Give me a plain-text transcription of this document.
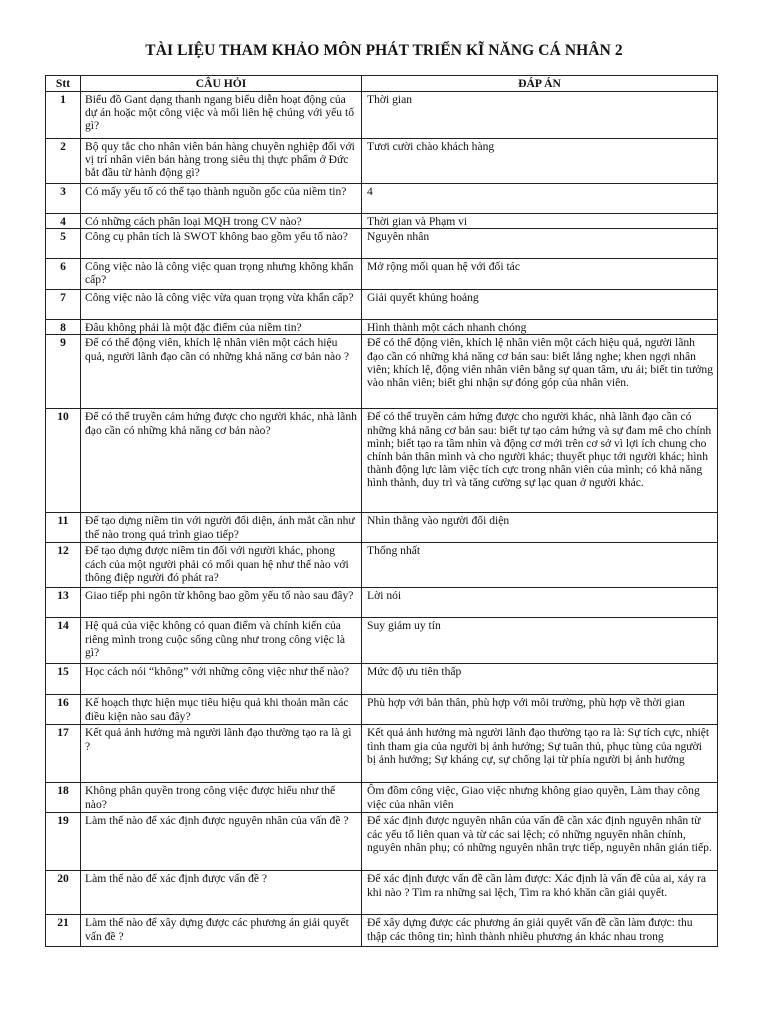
TÀI LIỆU THAM KHẢO MÔN PHÁT TRIỂN KĨ NĂNG CÁ NHÂN 2
Stt	CÂU HỎI	ĐÁP ÁN
1	Biểu đồ Gant dạng thanh ngang biểu diễn hoạt động của dự án hoặc một công việc và mối liên hệ chúng với yếu tố gì?	Thời gian
2	Bộ quy tắc cho nhân viên bán hàng chuyên nghiệp đối với vị trí nhân viên bán hàng trong siêu thị thực phẩm ở Đức bắt đầu từ hành động gì?	Tươi cười chào khách hàng
3	Có mấy yếu tố có thể tạo thành nguồn gốc của niềm tin?	4
4	Có những cách phân loại MQH trong CV nào?	Thời gian và Phạm vi
5	Công cụ phân tích là SWOT không bao gồm yếu tố nào?	Nguyên nhân
6	Công việc nào là công việc quan trọng nhưng không khẩn cấp?	Mở rộng mối quan hệ với đối tác
7	Công việc nào là công việc vừa quan trọng vừa khẩn cấp?	Giải quyết khủng hoảng
8	Đâu không phải là một đặc điểm của niềm tin?	Hình thành một cách nhanh chóng
9	Để có thể động viên, khích lệ nhân viên một cách hiệu quả, người lãnh đạo cần có những khả năng cơ bản nào ?	Để có thể động viên, khích lệ nhân viên một cách hiệu quả, người lãnh đạo cần có những khả năng cơ bản sau: biết lắng nghe; khen ngợi nhân viên; khích lệ, động viên nhân viên bằng sự quan tâm, ưu ái; biết tin tưởng vào nhân viên; biết ghi nhận sự đóng góp của nhân viên.
10	Để có thể truyền cảm hứng được cho người khác, nhà lãnh đạo cần có những khả năng cơ bản nào?	Để có thể truyền cảm hứng được cho người khác, nhà lãnh đạo cần có những khả năng cơ bản sau: biết tự tạo cảm hứng và sự đam mê cho chính mình; biết tạo ra tầm nhìn và động cơ mới trên cơ sở vì lợi ích chung cho chính bản thân mình và cho người khác; thuyết phục tới người khác; hình thành động lực làm việc tích cực trong nhân viên của mình; có khả năng hình thành, duy trì và tăng cường sự lạc quan ở người khác.
11	Để tạo dựng niềm tin với người đối diện, ánh mắt cần như thế nào trong quá trình giao tiếp?	Nhìn thẳng vào người đối diện
12	Để tạo dựng được niềm tin đối với người khác, phong cách của một người phải có mối quan hệ như thế nào với thông điệp người đó phát ra?	Thống nhất
13	Giao tiếp phi ngôn từ không bao gồm yếu tố nào sau đây?	Lời nói
14	Hệ quả của việc không có quan điểm và chính kiến của riêng mình trong cuộc sống cũng như trong công việc là gì?	Suy giảm uy tín
15	Học cách nói “không” với những công việc như thế nào?	Mức độ ưu tiên thấp
16	Kế hoạch thực hiện mục tiêu hiệu quả khi thoản mãn các điều kiện nào sau đây?	Phù hợp với bản thân, phù hợp với môi trường, phù hợp về thời gian
17	Kết quả ảnh hưởng mà người lãnh đạo thường tạo ra là gì ?	Kết quả ảnh hưởng mà người lãnh đạo thường tạo ra là: Sự tích cực, nhiệt tình tham gia của người bị ảnh hưởng; Sự tuân thủ, phục tùng của người bị ảnh hưởng; Sự kháng cự, sự chống lại từ phía người bị ảnh hưởng
18	Không phân quyền trong công việc được hiểu như thế nào?	Ôm đồm công việc, Giao việc nhưng không giao quyền, Làm thay công việc của nhân viên
19	Làm thế nào để xác định được nguyên nhân của vấn đề ?	Để xác định được nguyên nhân của vấn đề cần xác định nguyên nhân từ các yếu tố liên quan và từ các sai lệch; có những nguyên nhân chính, nguyên nhân phụ; có những nguyên nhân trực tiếp, nguyên nhân gián tiếp.
20	Làm thế nào để xác định được vấn đề ?	Để xác định được vấn đề cần làm được: Xác định là vấn đề của ai, xảy ra khi nào ? Tìm ra những sai lệch, Tìm ra khó khăn cần giải quyết.
21	Làm thế nào để xây dựng được các phương án giải quyết vấn đề ?	Để xây dựng được các phương án giải quyết vấn đề cần làm được: thu thập các thông tin; hình thành nhiều phương án khác nhau trong
